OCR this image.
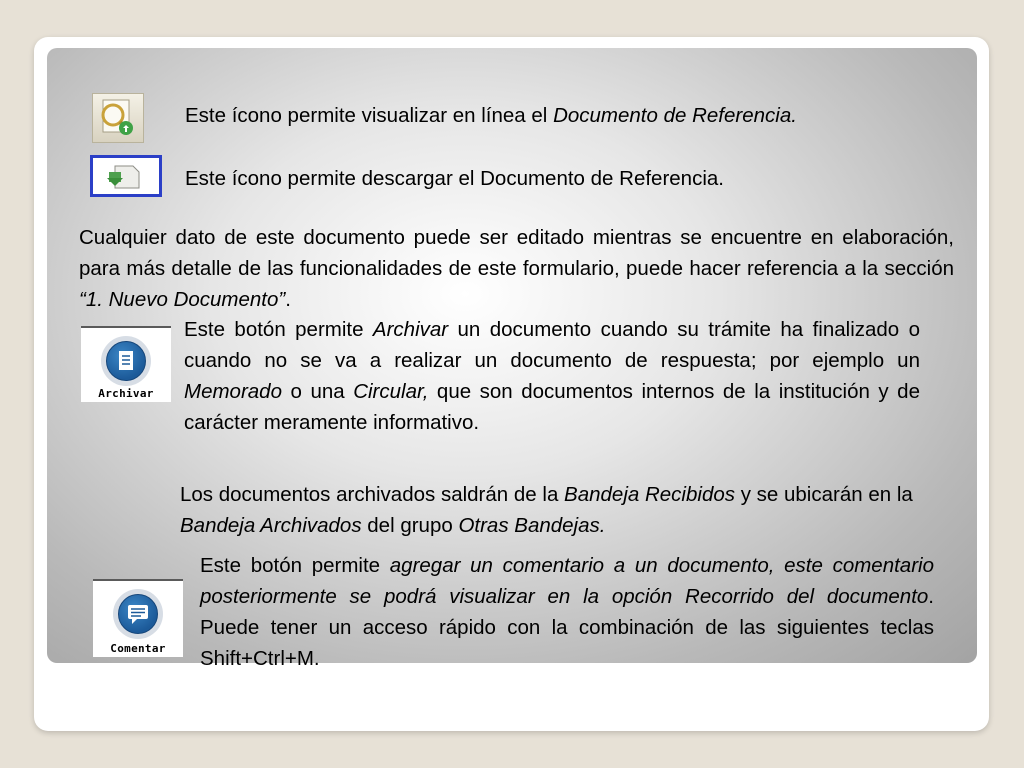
Este ícono permite visualizar en línea el Documento de Referencia.

Este ícono permite descargar el Documento de Referencia.

Cualquier dato de este documento puede ser editado mientras se encuentre en elaboración, para más detalle de las funcionalidades de este formulario, puede hacer referencia a la sección “1. Nuevo Documento”.

Archivar

Este botón permite Archivar un documento cuando su trámite ha finalizado o cuando no se va a realizar un documento de respuesta; por ejemplo un Memorado o una Circular, que son documentos internos de la institución y de carácter meramente informativo.

Los documentos archivados saldrán de la Bandeja Recibidos y se ubicarán en la Bandeja Archivados del grupo Otras Bandejas.

Comentar

Este botón permite agregar un comentario a un documento, este comentario posteriormente se podrá visualizar en la opción Recorrido del documento. Puede tener un acceso rápido con la combinación de las siguientes teclas Shift+Ctrl+M.
